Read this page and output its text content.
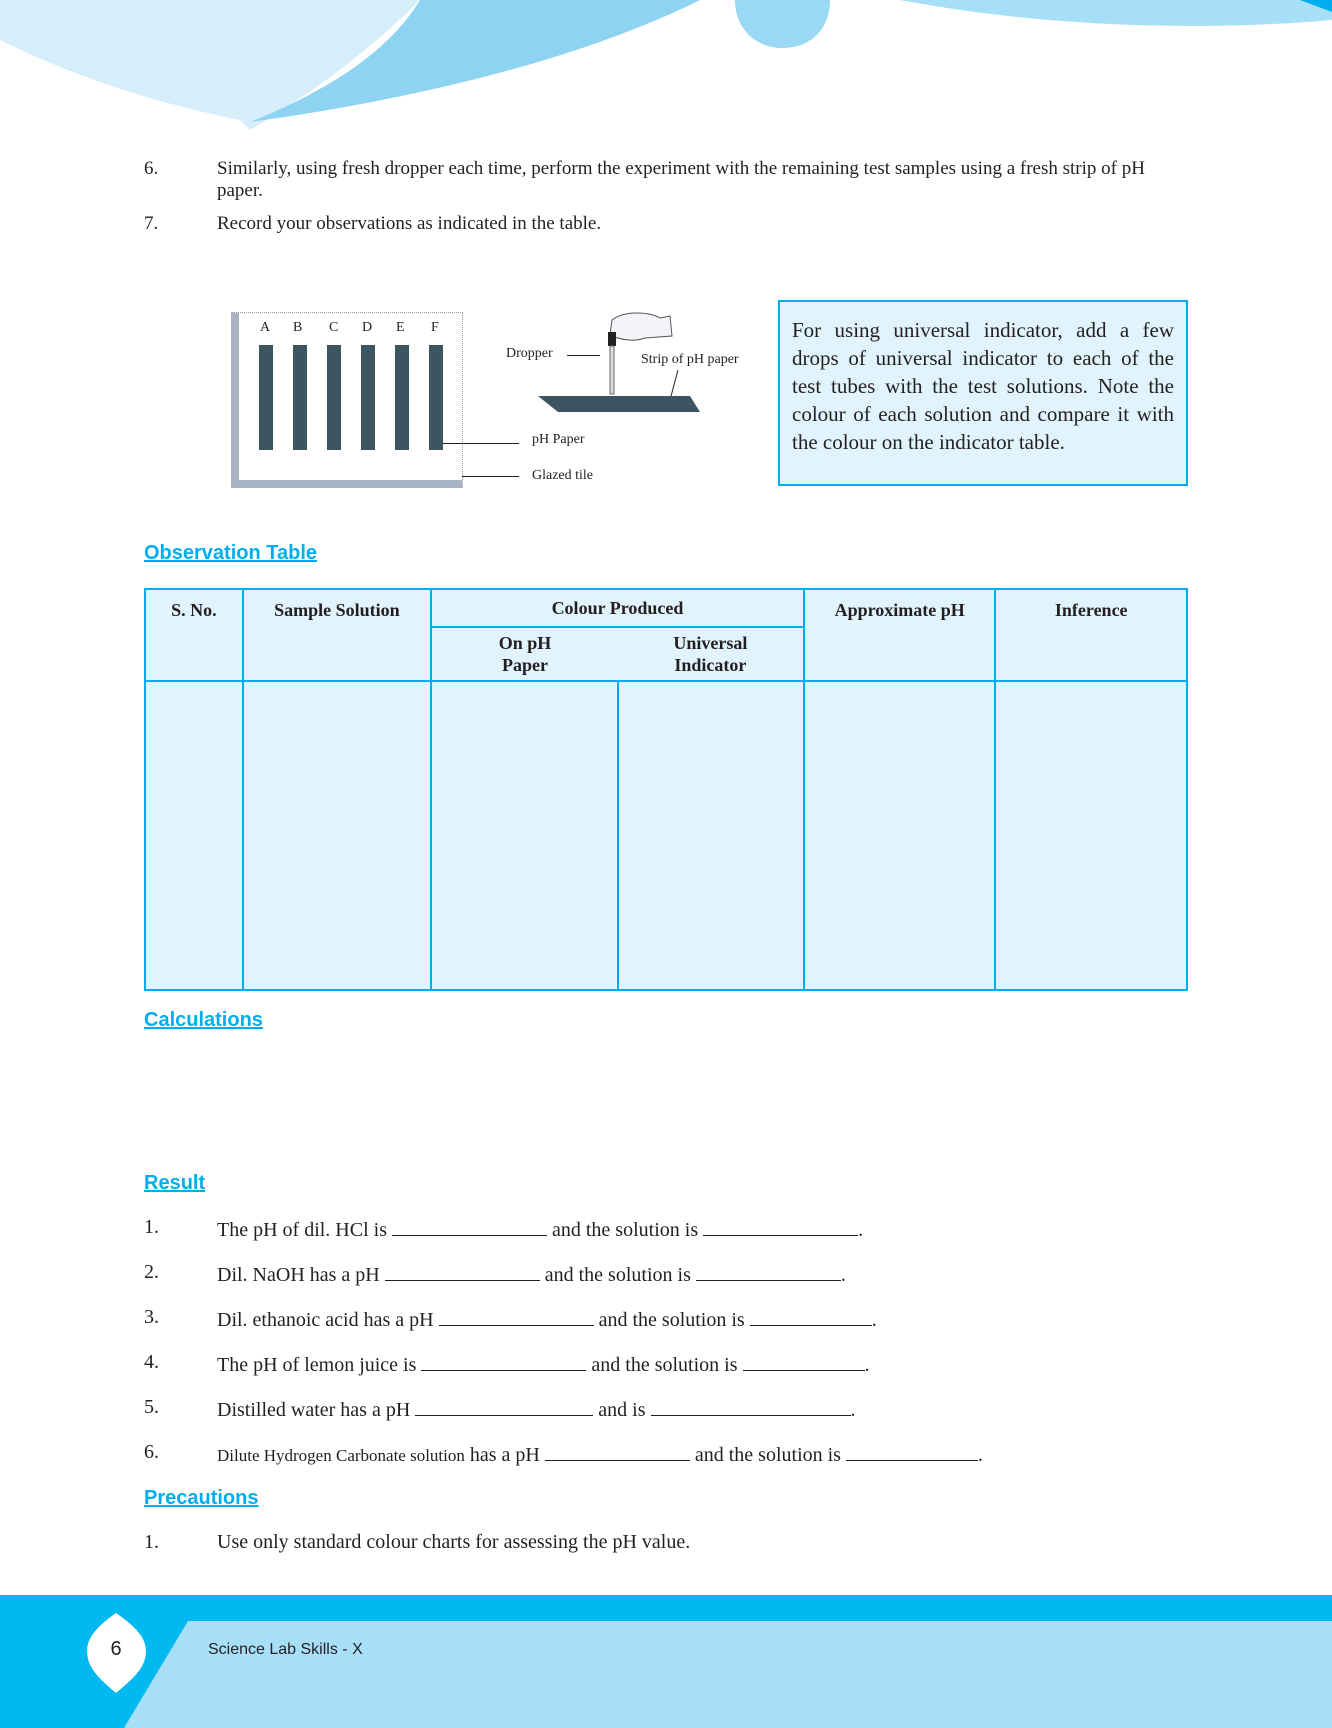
6.	Similarly, using fresh dropper each time, perform the experiment with the remaining test samples using a fresh strip of pH paper.
7.	Record your observations as indicated in the table.
A B C D E F
pH Paper
Glazed tile
Dropper	Strip of pH paper
For using universal indicator, add a few drops of universal indicator to each of the test tubes with the test solutions. Note the colour of each solution and compare it with the colour on the indicator table.
Observation Table
S. No.	Sample Solution	Colour Produced		Approximate pH	Inference
		On pH Paper	Universal Indicator		

Calculations
Result
1.	The pH of dil. HCl is	and the solution is	.
2.	Dil. NaOH has a pH	and the solution is	.
3.	Dil. ethanoic acid has a pH	and the solution is	.
4.	The pH of lemon juice is	and the solution is	.
5.	Distilled water has a pH	and is	.
6.	Dilute Hydrogen Carbonate solution has a pH	and the solution is	.
Precautions
1.	Use only standard colour charts for assessing the pH value.
6	Science Lab Skills - X
